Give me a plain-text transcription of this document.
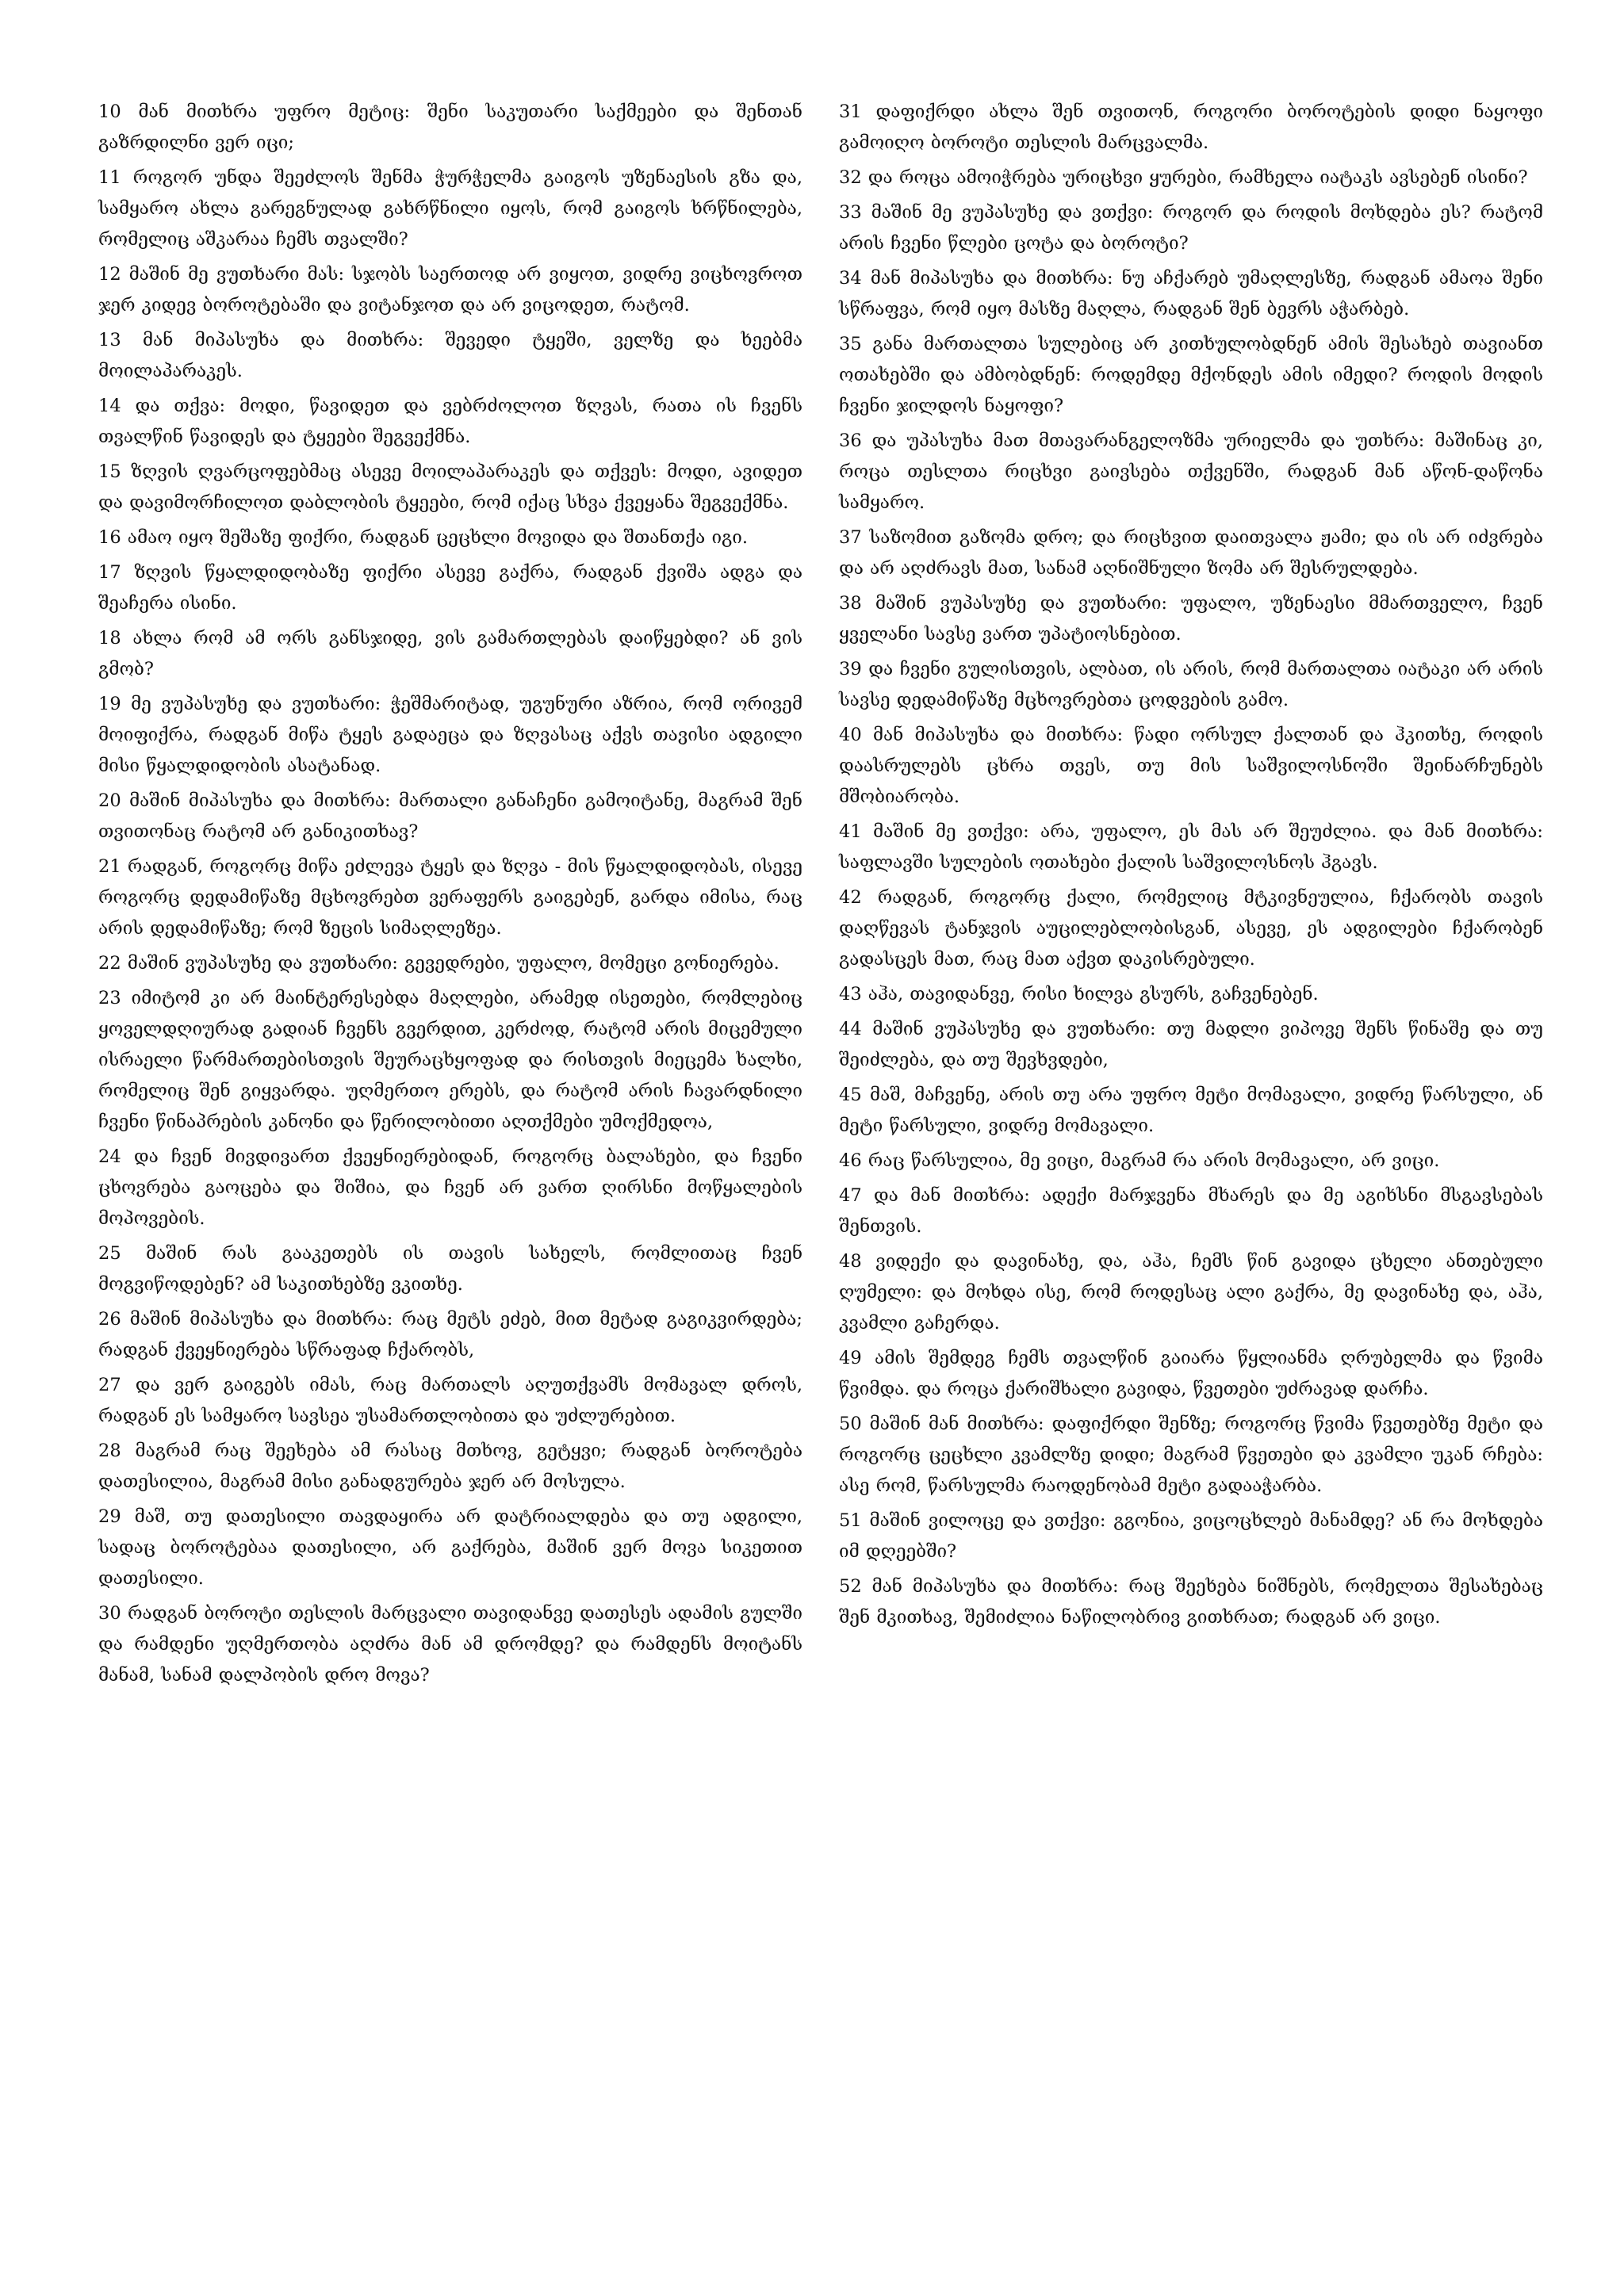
10 მან მითხრა უფრო მეტიც: შენი საკუთარი საქმეები და შენთან გაზრდილნი ვერ იცი;

11 როგორ უნდა შეეძლოს შენმა ჭურჭელმა გაიგოს უზენაესის გზა და, სამყარო ახლა გარეგნულად გახრწნილი იყოს, რომ გაიგოს ხრწნილება, რომელიც აშკარაა ჩემს თვალში?

12 მაშინ მე ვუთხარი მას: სჯობს საერთოდ არ ვიყოთ, ვიდრე ვიცხოვროთ ჯერ კიდევ ბოროტებაში და ვიტანჯოთ და არ ვიცოდეთ, რატომ.

13 მან მიპასუხა და მითხრა: შევედი ტყეში, ველზე და ხეებმა მოილაპარაკეს.

14 და თქვა: მოდი, წავიდეთ და ვებრძოლოთ ზღვას, რათა ის ჩვენს თვალწინ წავიდეს და ტყეები შეგვექმნა.

15 ზღვის ღვარცოფებმაც ასევე მოილაპარაკეს და თქვეს: მოდი, ავიდეთ და დავიმორჩილოთ დაბლობის ტყეები, რომ იქაც სხვა ქვეყანა შეგვექმნა.

16 ამაო იყო შეშაზე ფიქრი, რადგან ცეცხლი მოვიდა და შთანთქა იგი.

17 ზღვის წყალდიდობაზე ფიქრი ასევე გაქრა, რადგან ქვიშა ადგა და შეაჩერა ისინი.

18 ახლა რომ ამ ორს განსჯიდე, ვის გამართლებას დაიწყებდი? ან ვის გმობ?

19 მე ვუპასუხე და ვუთხარი: ჭეშმარიტად, უგუნური აზრია, რომ ორივემ მოიფიქრა, რადგან მიწა ტყეს გადაეცა და ზღვასაც აქვს თავისი ადგილი მისი წყალდიდობის ასატანად.

20 მაშინ მიპასუხა და მითხრა: მართალი განაჩენი გამოიტანე, მაგრამ შენ თვითონაც რატომ არ განიკითხავ?

21 რადგან, როგორც მიწა ეძლევა ტყეს და ზღვა - მის წყალდიდობას, ისევე როგორც დედამიწაზე მცხოვრებთ ვერაფერს გაიგებენ, გარდა იმისა, რაც არის დედამიწაზე; რომ ზეცის სიმაღლეზეა.

22 მაშინ ვუპასუხე და ვუთხარი: გევედრები, უფალო, მომეცი გონიერება.

23 იმიტომ კი არ მაინტერესებდა მაღლები, არამედ ისეთები, რომლებიც ყოველდღიურად გადიან ჩვენს გვერდით, კერძოდ, რატომ არის მიცემული ისრაელი წარმართებისთვის შეურაცხყოფად და რისთვის მიეცემა ხალხი, რომელიც შენ გიყვარდა. უღმერთო ერებს, და რატომ არის ჩავარდნილი ჩვენი წინაპრების კანონი და წერილობითი აღთქმები უმოქმედოა,

24 და ჩვენ მივდივართ ქვეყნიერებიდან, როგორც ბალახები, და ჩვენი ცხოვრება გაოცება და შიშია, და ჩვენ არ ვართ ღირსნი მოწყალების მოპოვების.

25 მაშინ რას გააკეთებს ის თავის სახელს, რომლითაც ჩვენ მოგვიწოდებენ? ამ საკითხებზე ვკითხე.

26 მაშინ მიპასუხა და მითხრა: რაც მეტს ეძებ, მით მეტად გაგიკვირდება; რადგან ქვეყნიერება სწრაფად ჩქარობს,

27 და ვერ გაიგებს იმას, რაც მართალს აღუთქვამს მომავალ დროს, რადგან ეს სამყარო სავსეა უსამართლობითა და უძლურებით.

28 მაგრამ რაც შეეხება ამ რასაც მთხოვ, გეტყვი; რადგან ბოროტება დათესილია, მაგრამ მისი განადგურება ჯერ არ მოსულა.

29 მაშ, თუ დათესილი თავდაყირა არ დატრიალდება და თუ ადგილი, სადაც ბოროტებაა დათესილი, არ გაქრება, მაშინ ვერ მოვა სიკეთით დათესილი.

30 რადგან ბოროტი თესლის მარცვალი თავიდანვე დათესეს ადამის გულში და რამდენი უღმერთობა აღძრა მან ამ დრომდე? და რამდენს მოიტანს მანამ, სანამ დალპობის დრო მოვა?

31 დაფიქრდი ახლა შენ თვითონ, როგორი ბოროტების დიდი ნაყოფი გამოიღო ბოროტი თესლის მარცვალმა.

32 და როცა ამოიჭრება ურიცხვი ყურები, რამხელა იატაკს ავსებენ ისინი?

33 მაშინ მე ვუპასუხე და ვთქვი: როგორ და როდის მოხდება ეს? რატომ არის ჩვენი წლები ცოტა და ბოროტი?

34 მან მიპასუხა და მითხრა: ნუ აჩქარებ უმაღლესზე, რადგან ამაოა შენი სწრაფვა, რომ იყო მასზე მაღლა, რადგან შენ ბევრს აჭარბებ.

35 განა მართალთა სულებიც არ კითხულობდნენ ამის შესახებ თავიანთ ოთახებში და ამბობდნენ: როდემდე მქონდეს ამის იმედი? როდის მოდის ჩვენი ჯილდოს ნაყოფი?

36 და უპასუხა მათ მთავარანგელოზმა ურიელმა და უთხრა: მაშინაც კი, როცა თესლთა რიცხვი გაივსება თქვენში, რადგან მან აწონ-დაწონა სამყარო.

37 საზომით გაზომა დრო; და რიცხვით დაითვალა ჟამი; და ის არ იძვრება და არ აღძრავს მათ, სანამ აღნიშნული ზომა არ შესრულდება.

38 მაშინ ვუპასუხე და ვუთხარი: უფალო, უზენაესი მმართველო, ჩვენ ყველანი სავსე ვართ უპატიოსნებით.

39 და ჩვენი გულისთვის, ალბათ, ის არის, რომ მართალთა იატაკი არ არის სავსე დედამიწაზე მცხოვრებთა ცოდვების გამო.

40 მან მიპასუხა და მითხრა: წადი ორსულ ქალთან და ჰკითხე, როდის დაასრულებს ცხრა თვეს, თუ მის საშვილოსნოში შეინარჩუნებს მშობიარობა.

41 მაშინ მე ვთქვი: არა, უფალო, ეს მას არ შეუძლია. და მან მითხრა: საფლავში სულების ოთახები ქალის საშვილოსნოს ჰგავს.

42 რადგან, როგორც ქალი, რომელიც მტკივნეულია, ჩქარობს თავის დაღწევას ტანჯვის აუცილებლობისგან, ასევე, ეს ადგილები ჩქარობენ გადასცეს მათ, რაც მათ აქვთ დაკისრებული.

43 აჰა, თავიდანვე, რისი ხილვა გსურს, გაჩვენებენ.

44 მაშინ ვუპასუხე და ვუთხარი: თუ მადლი ვიპოვე შენს წინაშე და თუ შეიძლება, და თუ შევხვდები,

45 მაშ, მაჩვენე, არის თუ არა უფრო მეტი მომავალი, ვიდრე წარსული, ან მეტი წარსული, ვიდრე მომავალი.

46 რაც წარსულია, მე ვიცი, მაგრამ რა არის მომავალი, არ ვიცი.

47 და მან მითხრა: ადექი მარჯვენა მხარეს და მე აგიხსნი მსგავსებას შენთვის.

48 ვიდექი და დავინახე, და, აჰა, ჩემს წინ გავიდა ცხელი ანთებული ღუმელი: და მოხდა ისე, რომ როდესაც ალი გაქრა, მე დავინახე და, აჰა, კვამლი გაჩერდა.

49 ამის შემდეგ ჩემს თვალწინ გაიარა წყლიანმა ღრუბელმა და წვიმა წვიმდა. და როცა ქარიშხალი გავიდა, წვეთები უძრავად დარჩა.

50 მაშინ მან მითხრა: დაფიქრდი შენზე; როგორც წვიმა წვეთებზე მეტი და როგორც ცეცხლი კვამლზე დიდი; მაგრამ წვეთები და კვამლი უკან რჩება: ასე რომ, წარსულმა რაოდენობამ მეტი გადააჭარბა.

51 მაშინ ვილოცე და ვთქვი: გგონია, ვიცოცხლებ მანამდე? ან რა მოხდება იმ დღეებში?

52 მან მიპასუხა და მითხრა: რაც შეეხება ნიშნებს, რომელთა შესახებაც შენ მკითხავ, შემიძლია ნაწილობრივ გითხრათ; რადგან არ ვიცი.
